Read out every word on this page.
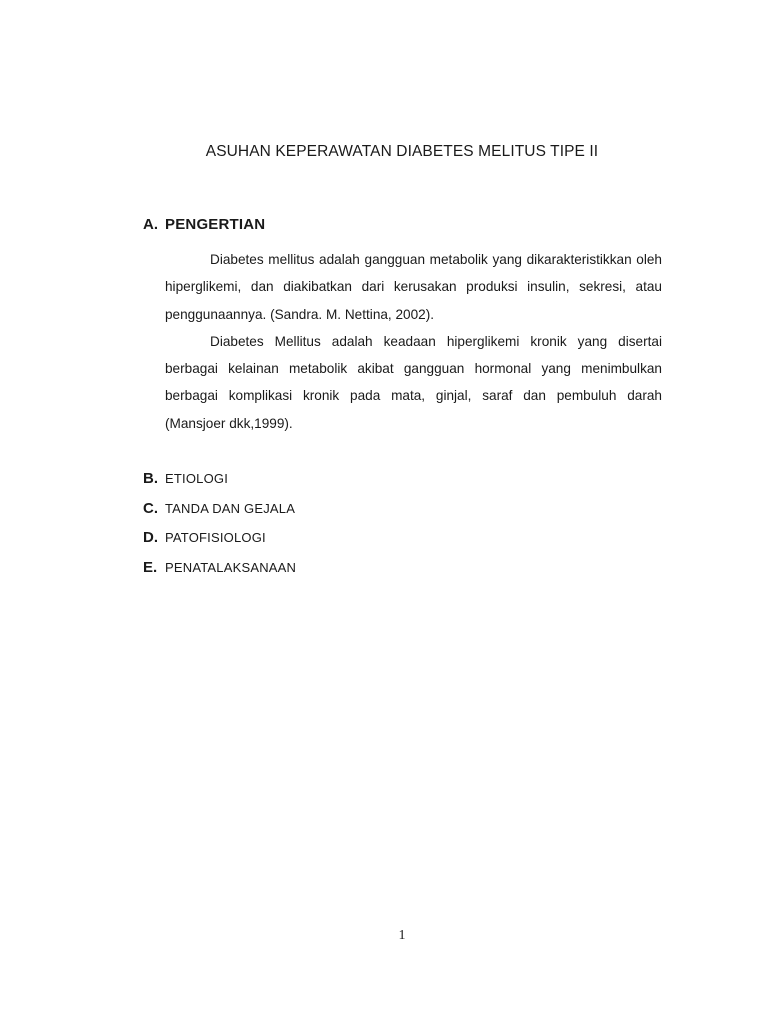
ASUHAN KEPERAWATAN DIABETES MELITUS TIPE II
A. PENGERTIAN

Diabetes mellitus adalah gangguan metabolik yang dikarakteristikkan oleh hiperglikemi, dan diakibatkan dari kerusakan produksi insulin, sekresi, atau penggunaannya. (Sandra. M. Nettina, 2002).

Diabetes Mellitus adalah keadaan hiperglikemi kronik yang disertai berbagai kelainan metabolik akibat gangguan hormonal yang menimbulkan berbagai komplikasi kronik pada mata, ginjal, saraf dan pembuluh darah (Mansjoer dkk,1999).

B. ETIOLOGI
C. TANDA DAN GEJALA
D. PATOFISIOLOGI
E. PENATALAKSANAAN
1
